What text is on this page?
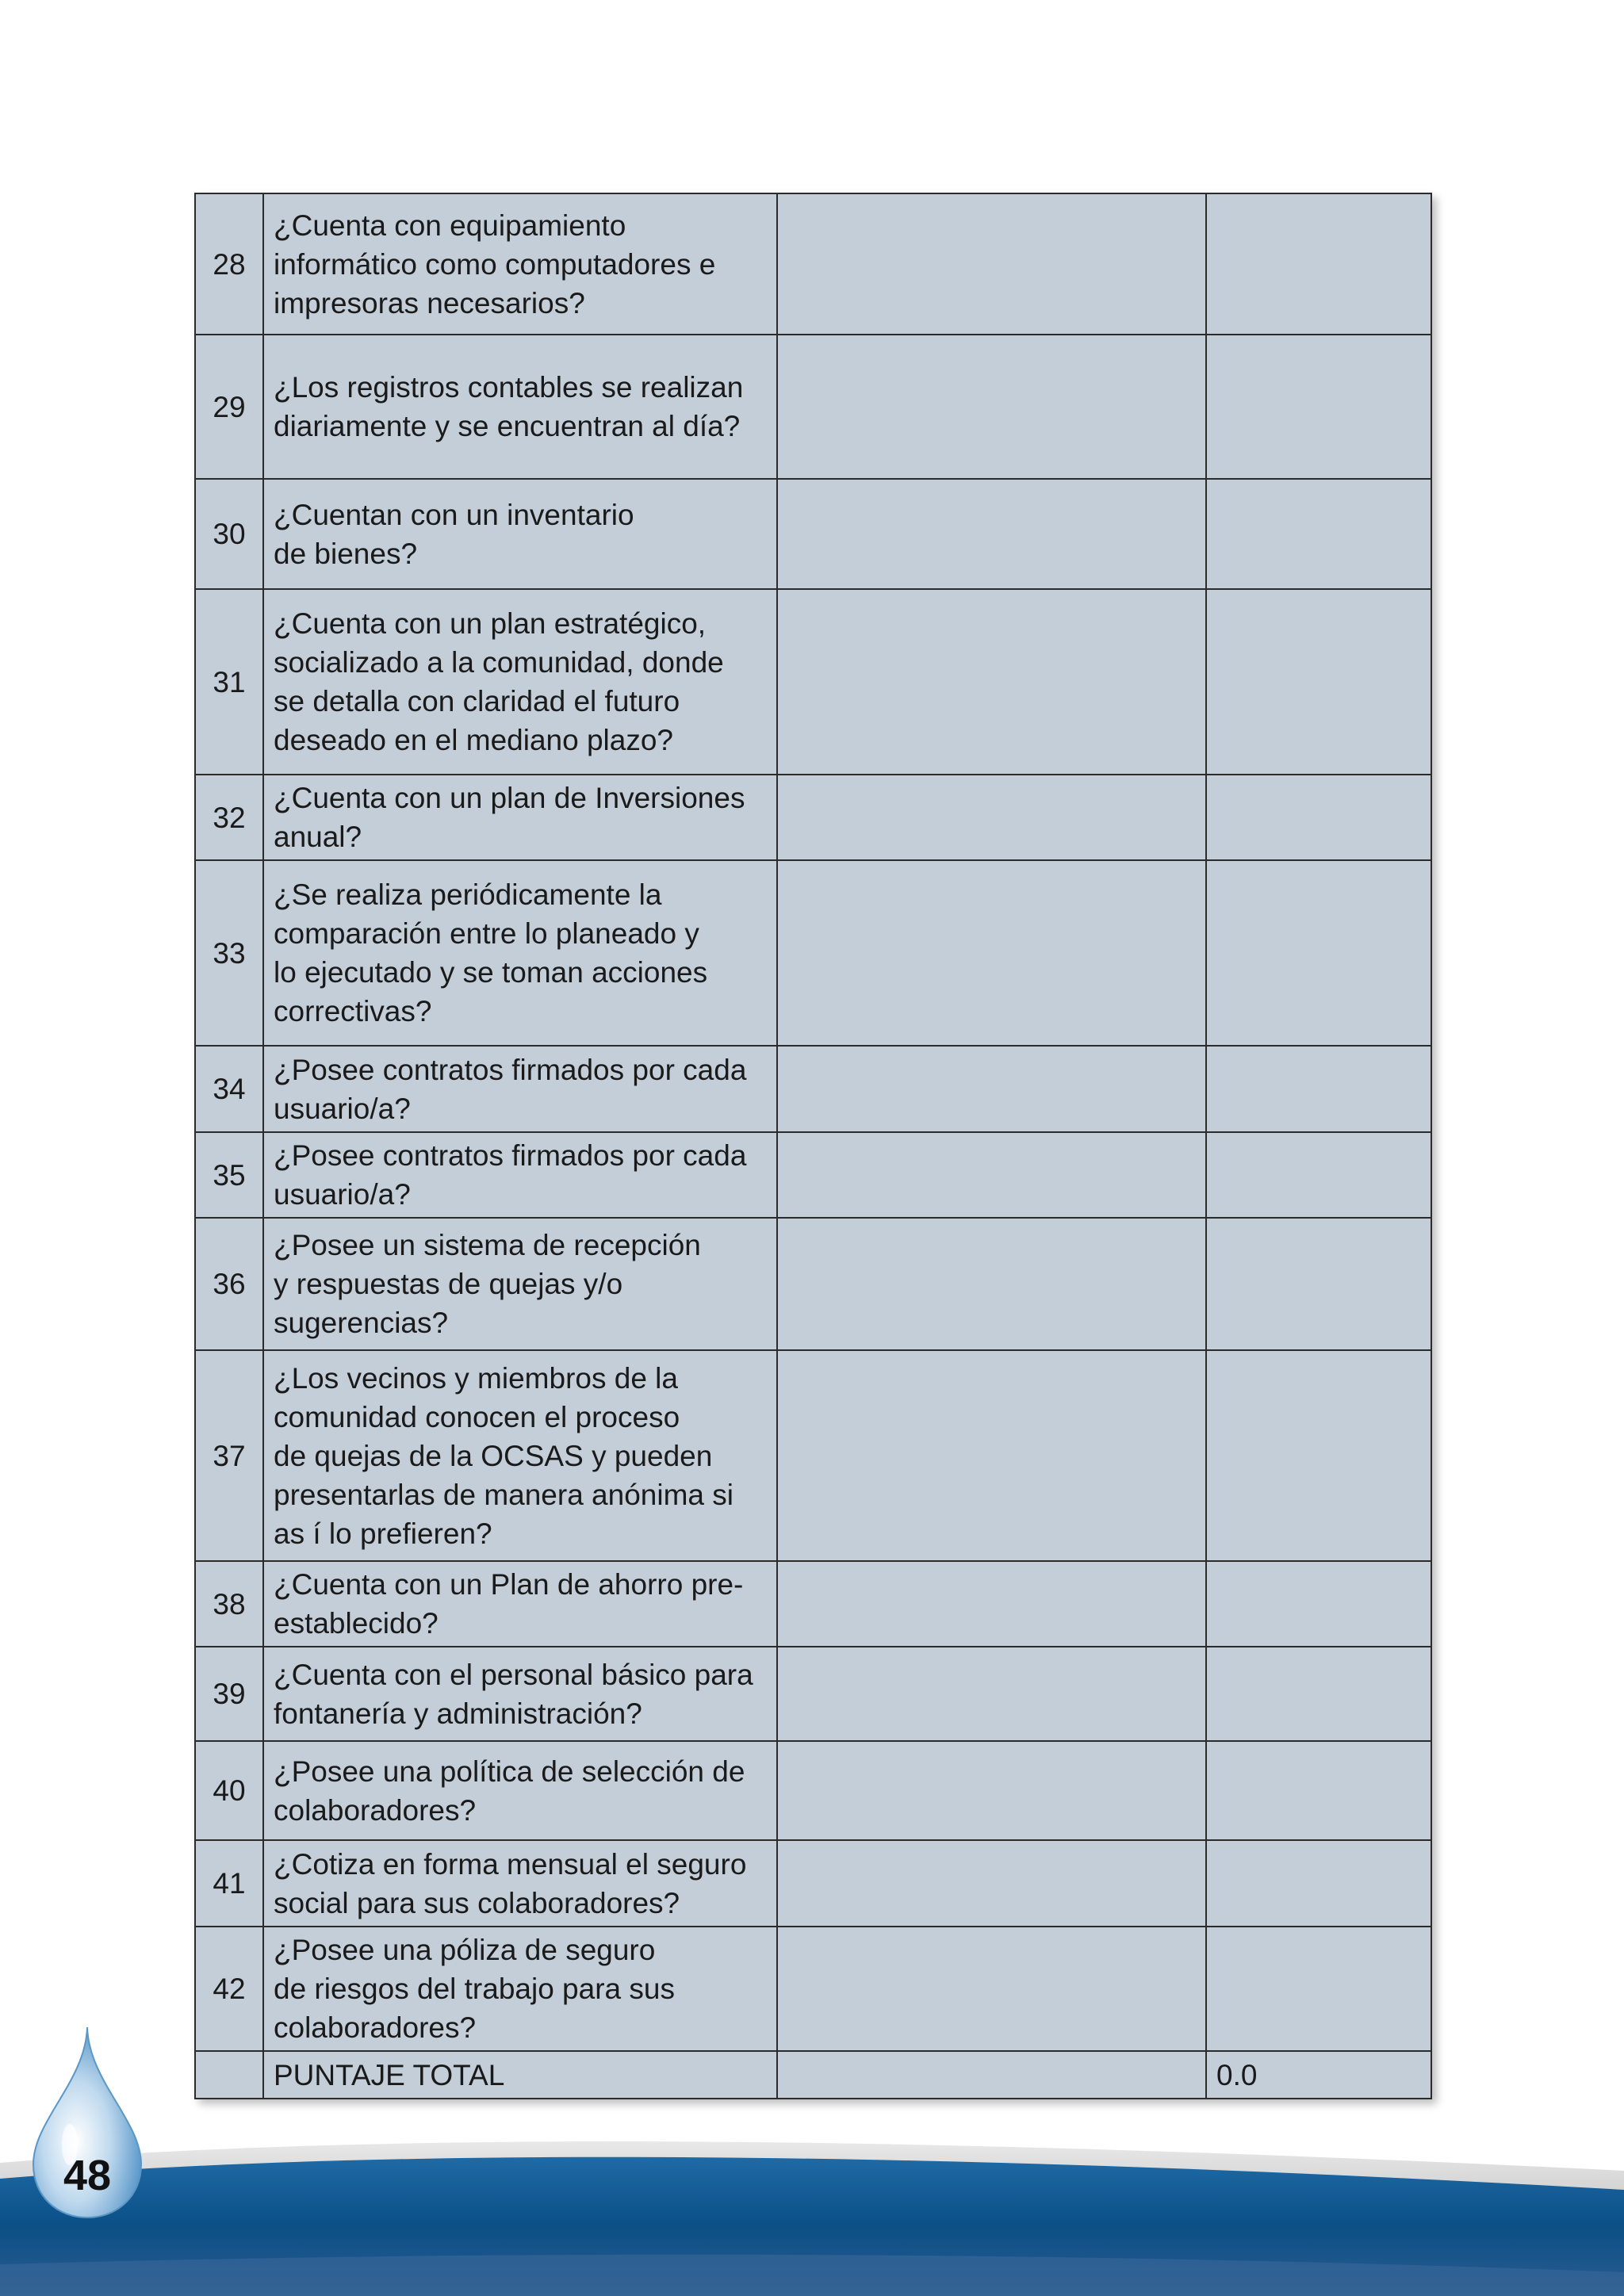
28	¿Cuenta con equipamiento
informático como computadores e
impresoras necesarios?		
29	¿Los registros contables se realizan
diariamente y se encuentran al día?		
30	¿Cuentan con un inventario
de bienes?		
31	¿Cuenta con un plan estratégico,
socializado a la comunidad, donde
se detalla con claridad el futuro
deseado en el mediano plazo?		
32	¿Cuenta con un plan de Inversiones
anual?		
33	¿Se realiza periódicamente la
comparación entre lo planeado y
lo ejecutado y se toman acciones
correctivas?		
34	¿Posee contratos firmados por cada
usuario/a?		
35	¿Posee contratos firmados por cada
usuario/a?		
36	¿Posee un sistema de recepción
y respuestas de quejas y/o
sugerencias?		
37	¿Los vecinos y miembros de la
comunidad conocen el proceso
de quejas de la OCSAS y pueden
presentarlas de manera anónima si
as í lo prefieren?		
38	¿Cuenta con un Plan de ahorro pre-
establecido?		
39	¿Cuenta con el personal básico para
fontanería y administración?		
40	¿Posee una política de selección de
colaboradores?		
41	¿Cotiza en forma mensual el seguro
social para sus colaboradores?		
42	¿Posee una póliza de seguro
de riesgos del trabajo para sus
colaboradores?		
	PUNTAJE TOTAL		0.0
48
